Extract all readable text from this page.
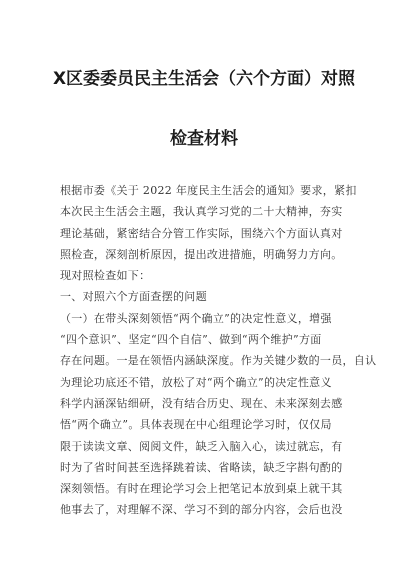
X区委委员民主生活会（六个方面）对照
检查材料
根据市委《关于 2022 年度民主生活会的通知》要求，紧扣
本次民主生活会主题，我认真学习党的二十大精神，夯实
理论基础，紧密结合分管工作实际，围绕六个方面认真对
照检查，深刻剖析原因，提出改进措施，明确努力方向。
现对照检查如下：
一、对照六个方面查摆的问题
（一）在带头深刻领悟“两个确立”的决定性意义，增强
“四个意识”、坚定“四个自信”、做到“两个维护”方面
存在问题。一是在领悟内涵缺深度。作为关键少数的一员，自认
为理论功底还不错，放松了对“两个确立”的决定性意义
科学内涵深钻细研，没有结合历史、现在、未来深刻去感
悟“两个确立”。具体表现在中心组理论学习时，仅仅局
限于读读文章、阅阅文件，缺乏入脑入心，读过就忘，有
时为了省时间甚至选择跳着读、省略读，缺乏字斟句酌的
深刻领悟。有时在理论学习会上把笔记本放到桌上就干其
他事去了，对理解不深、学习不到的部分内容，会后也没
